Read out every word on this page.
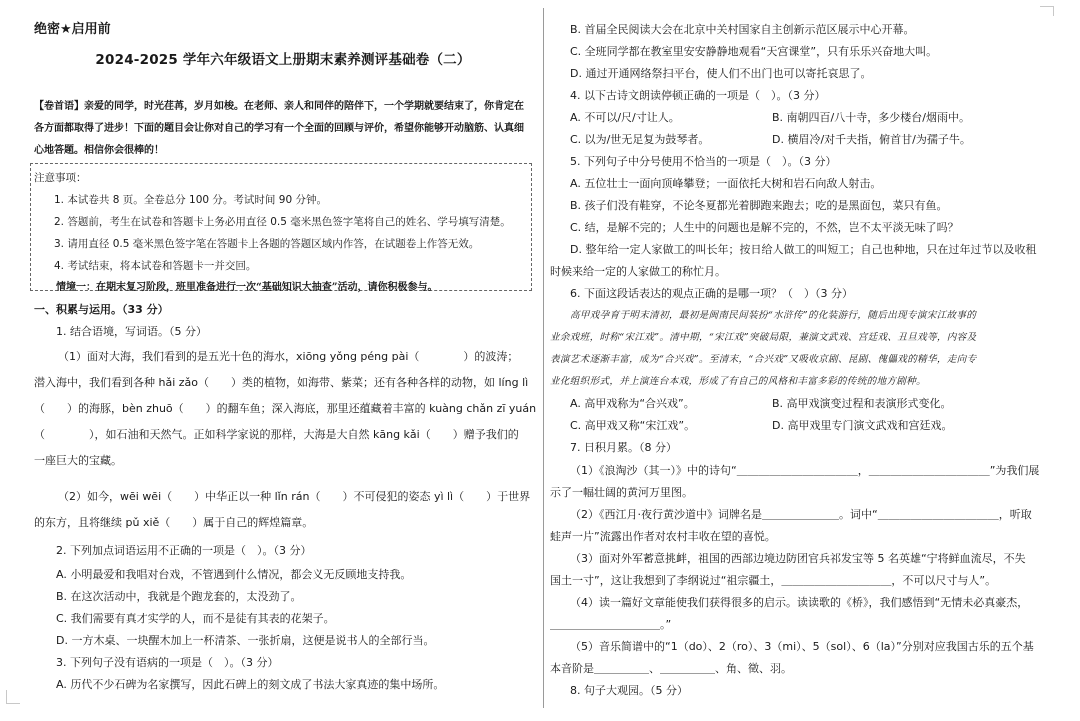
绝密★启用前
2024-2025 学年六年级语文上册期末素养测评基础卷（二）
【卷首语】亲爱的同学，时光荏苒，岁月如梭。在老师、亲人和同伴的陪伴下，一个学期就要结束了，你肯定在各方面都取得了进步！下面的题目会让你对自己的学习有一个全面的回顾与评价，希望你能够开动脑筋、认真细心地答题。相信你会很棒的！
注意事项：
1. 本试卷共 8 页。全卷总分 100 分。考试时间 90 分钟。
2. 答题前，考生在试卷和答题卡上务必用直径 0.5 毫米黑色签字笔将自己的姓名、学号填写清楚。
3. 请用直径 0.5 毫米黑色签字笔在答题卡上各题的答题区域内作答，在试题卷上作答无效。
4. 考试结束，将本试卷和答题卡一并交回。
情境一：在期末复习阶段，班里准备进行一次“基础知识大抽查”活动，请你积极参与。
一、积累与运用。（33 分）
1. 结合语境，写词语。（5 分）
（1）面对大海，我们看到的是五光十色的海水，xiōng yǒng péng pài（　　　　）的波涛；
潜入海中，我们看到各种 hǎi zǎo（　　）类的植物，如海带、紫菜；还有各种各样的动物，如 líng lì
（　　）的海豚，bèn zhuō（　　）的翻车鱼；深入海底，那里还蕴藏着丰富的 kuàng chǎn zī yuán
（　　　　），如石油和天然气。正如科学家说的那样，大海是大自然 kāng kǎi（　　）赠予我们的
一座巨大的宝藏。
（2）如今，wēi wēi（　　）中华正以一种 lǐn rán（　　）不可侵犯的姿态 yì lì（　　）于世界
的东方，且将继续 pǔ xiě（　　）属于自己的辉煌篇章。
2. 下列加点词语运用不正确的一项是（　）。（3 分）
A. 小明最爱和我唱对台戏，不管遇到什么情况，都会义无反顾地支持我。
B. 在这次活动中，我就是个跑龙套的，太没劲了。
C. 我们需要有真才实学的人，而不是徒有其表的花架子。
D. 一方木桌、一块醒木加上一杯清茶、一张折扇，这便是说书人的全部行当。
3. 下列句子没有语病的一项是（　）。（3 分）
A. 历代不少石碑为名家撰写，因此石碑上的刻文成了书法大家真迹的集中场所。
B. 首届全民阅读大会在北京中关村国家自主创新示范区展示中心开幕。
C. 全班同学都在教室里安安静静地观看“天宫课堂”，只有乐乐兴奋地大叫。
D. 通过开通网络祭扫平台，使人们不出门也可以寄托哀思了。
4. 以下古诗文朗读停顿正确的一项是（　）。（3 分）
A. 不可以/尺/寸让人。	B. 南朝四百/八十寺，多少楼台/烟雨中。
C. 以为/世无足复为鼓琴者。	D. 横眉冷/对千夫指，俯首甘/为孺子牛。
5. 下列句子中分号使用不恰当的一项是（　）。（3 分）
A. 五位壮士一面向顶峰攀登；一面依托大树和岩石向敌人射击。
B. 孩子们没有鞋穿，不论冬夏都光着脚跑来跑去；吃的是黑面包，菜只有鱼。
C. 结，是解不完的；人生中的问题也是解不完的，不然，岂不太平淡无味了吗？
D. 整年给一定人家做工的叫长年；按日给人做工的叫短工；自己也种地，只在过年过节以及收租
时候来给一定的人家做工的称忙月。
6. 下面这段话表达的观点正确的是哪一项？（　）（3 分）
高甲戏孕育于明末清初，最初是闽南民间装扮“水浒传”的化装游行，随后出现专演宋江故事的
业余戏班，时称“宋江戏”。清中期，“宋江戏”突破局限，兼演文武戏、宫廷戏、丑旦戏等，内容及
表演艺术逐渐丰富，成为“合兴戏”。至清末，“合兴戏”又吸收京剧、昆剧、傀儡戏的精华，走向专
业化组织形式，并上演连台本戏，形成了有自己的风格和丰富多彩的传统的地方剧种。
A. 高甲戏称为“合兴戏”。	B. 高甲戏演变过程和表演形式变化。
C. 高甲戏又称“宋江戏”。	D. 高甲戏里专门演文武戏和宫廷戏。
7. 日积月累。（8 分）
（1）《浪淘沙（其一）》中的诗句“＿＿＿＿＿＿＿＿＿＿＿，＿＿＿＿＿＿＿＿＿＿＿”为我们展
示了一幅壮阔的黄河万里图。
（2）《西江月·夜行黄沙道中》词牌名是＿＿＿＿＿＿＿。词中“＿＿＿＿＿＿＿＿＿＿＿，听取
蛙声一片”流露出作者对农村丰收在望的喜悦。
（3）面对外军蓄意挑衅，祖国的西部边境边防团官兵祁发宝等 5 名英雄“宁将鲜血流尽，不失
国土一寸”，这让我想到了李纲说过“祖宗疆土，＿＿＿＿＿＿＿＿＿＿，不可以尺寸与人”。
（4）读一篇好文章能使我们获得很多的启示。读读歌的《桥》，我们感悟到“无情未必真豪杰，
＿＿＿＿＿＿＿＿＿＿。”
（5）音乐简谱中的“1（do）、2（ro）、3（mi）、5（sol）、6（la）”分别对应我国古乐的五个基
本音阶是＿＿＿＿＿、＿＿＿＿＿、角、徵、羽。
8. 句子大观园。（5 分）
